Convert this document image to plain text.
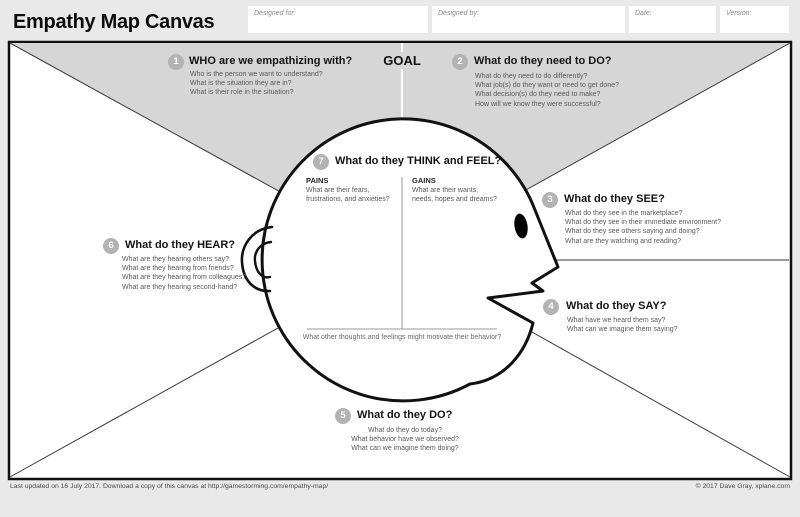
Empathy Map Canvas	Designed for:	Designed by:	Date:	Version:
GOAL
1 WHO are we empathizing with?
Who is the person we want to understand?
What is the situation they are in?
What is their role in the situation?
2	What do they need to DO?
What do they need to do differently?
What job(s) do they want or need to get done?
What decision(s) do they need to make?
How will we know they were successful?
7	What do they THINK and FEEL?
PAINS
What are their fears,
frustrations, and anxieties?
GAINS
What are their wants,
needs, hopes and dreams?
What other thoughts and feelings might motivate their behavior?
3	What do they SEE?
What do they see in the marketplace?
What do they see in their immediate environment?
What do they see others saying and doing?
What are they watching and reading?
4	What do they SAY?
What have we heard them say?
What can we imagine them saying?
5	What do they DO?
What do they do today?
What behavior have we observed?
What can we imagine them doing?
6	What do they HEAR?
What are they hearing others say?
What are they hearing from friends?
What are they hearing from colleagues?
What are they hearing second-hand?
Last updated on 16 July 2017. Download a copy of this canvas at http://gamestorming.com/empathy-map/	© 2017 Dave Gray, xplane.com
